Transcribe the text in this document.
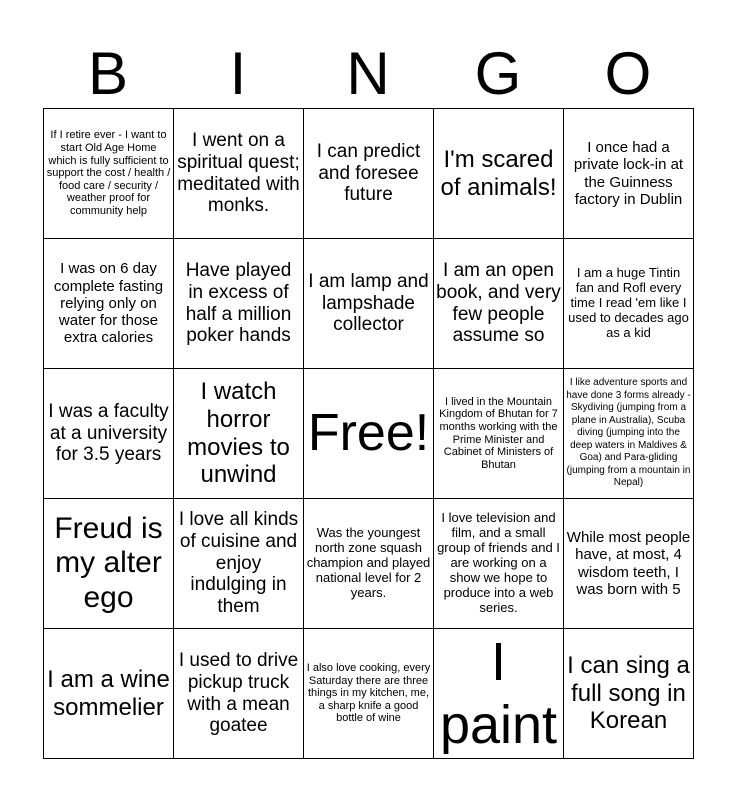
B	I	N	G	O
If I retire ever - I want to start Old Age Home which is fully sufficient to support the cost / health / food care / security / weather proof for community help	I went on a spiritual quest; meditated with monks.	I can predict and foresee future	I'm scared of animals!	I once had a private lock-in at the Guinness factory in Dublin

I was on 6 day complete fasting relying only on water for those extra calories	Have played in excess of half a million poker hands	I am lamp and lampshade collector	I am an open book, and very few people assume so	I am a huge Tintin fan and Rofl every time I read 'em like I used to decades ago as a kid

I was a faculty at a university for 3.5 years	I watch horror movies to unwind	Free!	I lived in the Mountain Kingdom of Bhutan for 7 months working with the Prime Minister and Cabinet of Ministers of Bhutan	I like adventure sports and have done 3 forms already - Skydiving (jumping from a plane in Australia), Scuba diving (jumping into the deep waters in Maldives & Goa) and Para-gliding (jumping from a mountain in Nepal)

Freud is my alter ego	I love all kinds of cuisine and enjoy indulging in them	Was the youngest north zone squash champion and played national level for 2 years.	I love television and film, and a small group of friends and I are working on a show we hope to produce into a web series.	While most people have, at most, 4 wisdom teeth, I was born with 5

I am a wine sommelier	I used to drive pickup truck with a mean goatee	I also love cooking, every Saturday there are three things in my kitchen, me, a sharp knife a good bottle of wine	I paint	I can sing a full song in Korean
